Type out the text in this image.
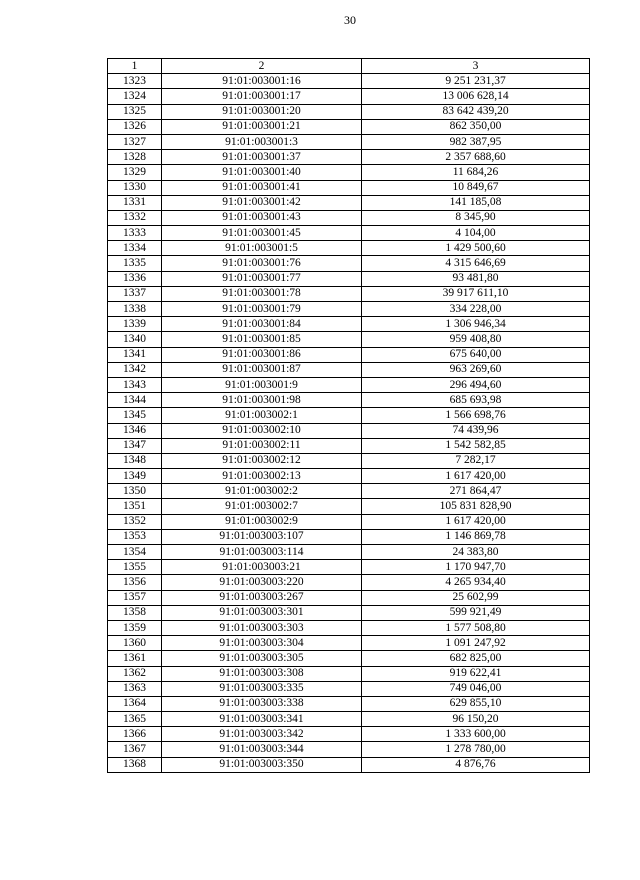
30
1	2	3
1323	91:01:003001:16	9 251 231,37
1324	91:01:003001:17	13 006 628,14
1325	91:01:003001:20	83 642 439,20
1326	91:01:003001:21	862 350,00
1327	91:01:003001:3	982 387,95
1328	91:01:003001:37	2 357 688,60
1329	91:01:003001:40	11 684,26
1330	91:01:003001:41	10 849,67
1331	91:01:003001:42	141 185,08
1332	91:01:003001:43	8 345,90
1333	91:01:003001:45	4 104,00
1334	91:01:003001:5	1 429 500,60
1335	91:01:003001:76	4 315 646,69
1336	91:01:003001:77	93 481,80
1337	91:01:003001:78	39 917 611,10
1338	91:01:003001:79	334 228,00
1339	91:01:003001:84	1 306 946,34
1340	91:01:003001:85	959 408,80
1341	91:01:003001:86	675 640,00
1342	91:01:003001:87	963 269,60
1343	91:01:003001:9	296 494,60
1344	91:01:003001:98	685 693,98
1345	91:01:003002:1	1 566 698,76
1346	91:01:003002:10	74 439,96
1347	91:01:003002:11	1 542 582,85
1348	91:01:003002:12	7 282,17
1349	91:01:003002:13	1 617 420,00
1350	91:01:003002:2	271 864,47
1351	91:01:003002:7	105 831 828,90
1352	91:01:003002:9	1 617 420,00
1353	91:01:003003:107	1 146 869,78
1354	91:01:003003:114	24 383,80
1355	91:01:003003:21	1 170 947,70
1356	91:01:003003:220	4 265 934,40
1357	91:01:003003:267	25 602,99
1358	91:01:003003:301	599 921,49
1359	91:01:003003:303	1 577 508,80
1360	91:01:003003:304	1 091 247,92
1361	91:01:003003:305	682 825,00
1362	91:01:003003:308	919 622,41
1363	91:01:003003:335	749 046,00
1364	91:01:003003:338	629 855,10
1365	91:01:003003:341	96 150,20
1366	91:01:003003:342	1 333 600,00
1367	91:01:003003:344	1 278 780,00
1368	91:01:003003:350	4 876,76
